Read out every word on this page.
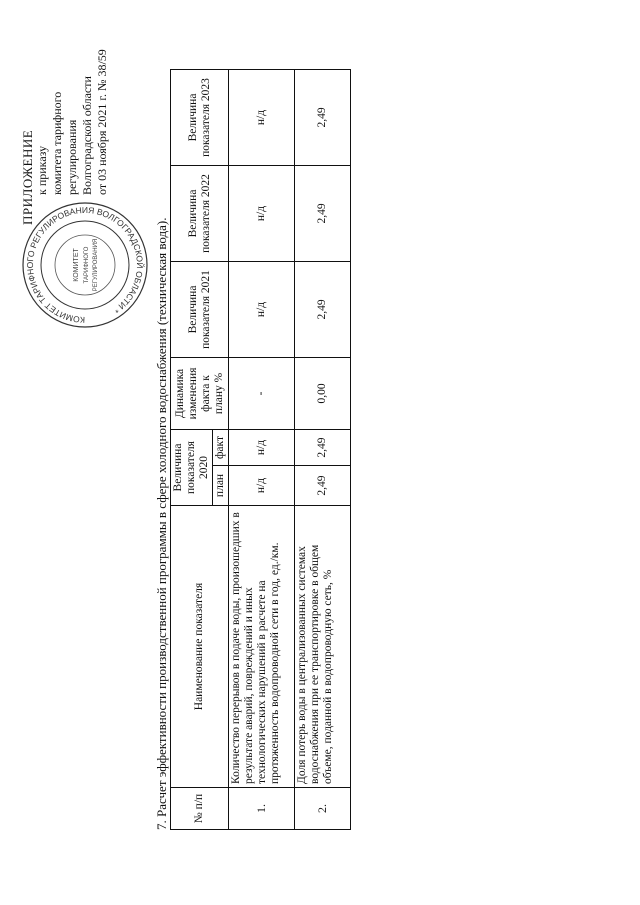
КОМИТЕТ ТАРИФНОГО РЕГУЛИРОВАНИЯ ВОЛГОГРАДСКОЙ ОБЛАСТИ *
КОМИТЕТ ТАРИФНОГО РЕГУЛИРОВАНИЯ
ПРИЛОЖЕНИЕ к приказу комитета тарифного регулирования Волгоградской области от 03 ноября 2021 г. № 38/59
7. Расчет эффективности производственной программы в сфере холодного водоснабжения (техническая вода). № п/п	Наименование показателя	Величина показателя 2020		Динамика изменения факта к плану %	Величина показателя 2021	Величина показателя 2022	Величина показателя 2023
		план	факт				
1.	Количество перерывов в подаче воды, произошедших в результате аварий, повреждений и иных технологических нарушений в расчете на протяженность водопроводной сети в год, ед./км.	н/д	н/д	-	н/д	н/д	н/д
2.	Доля потерь воды в централизованных системах водоснабжения при ее транспортировке в общем объеме, поданной в водопроводную сеть, %	2,49	2,49	0,00	2,49	2,49	2,49
